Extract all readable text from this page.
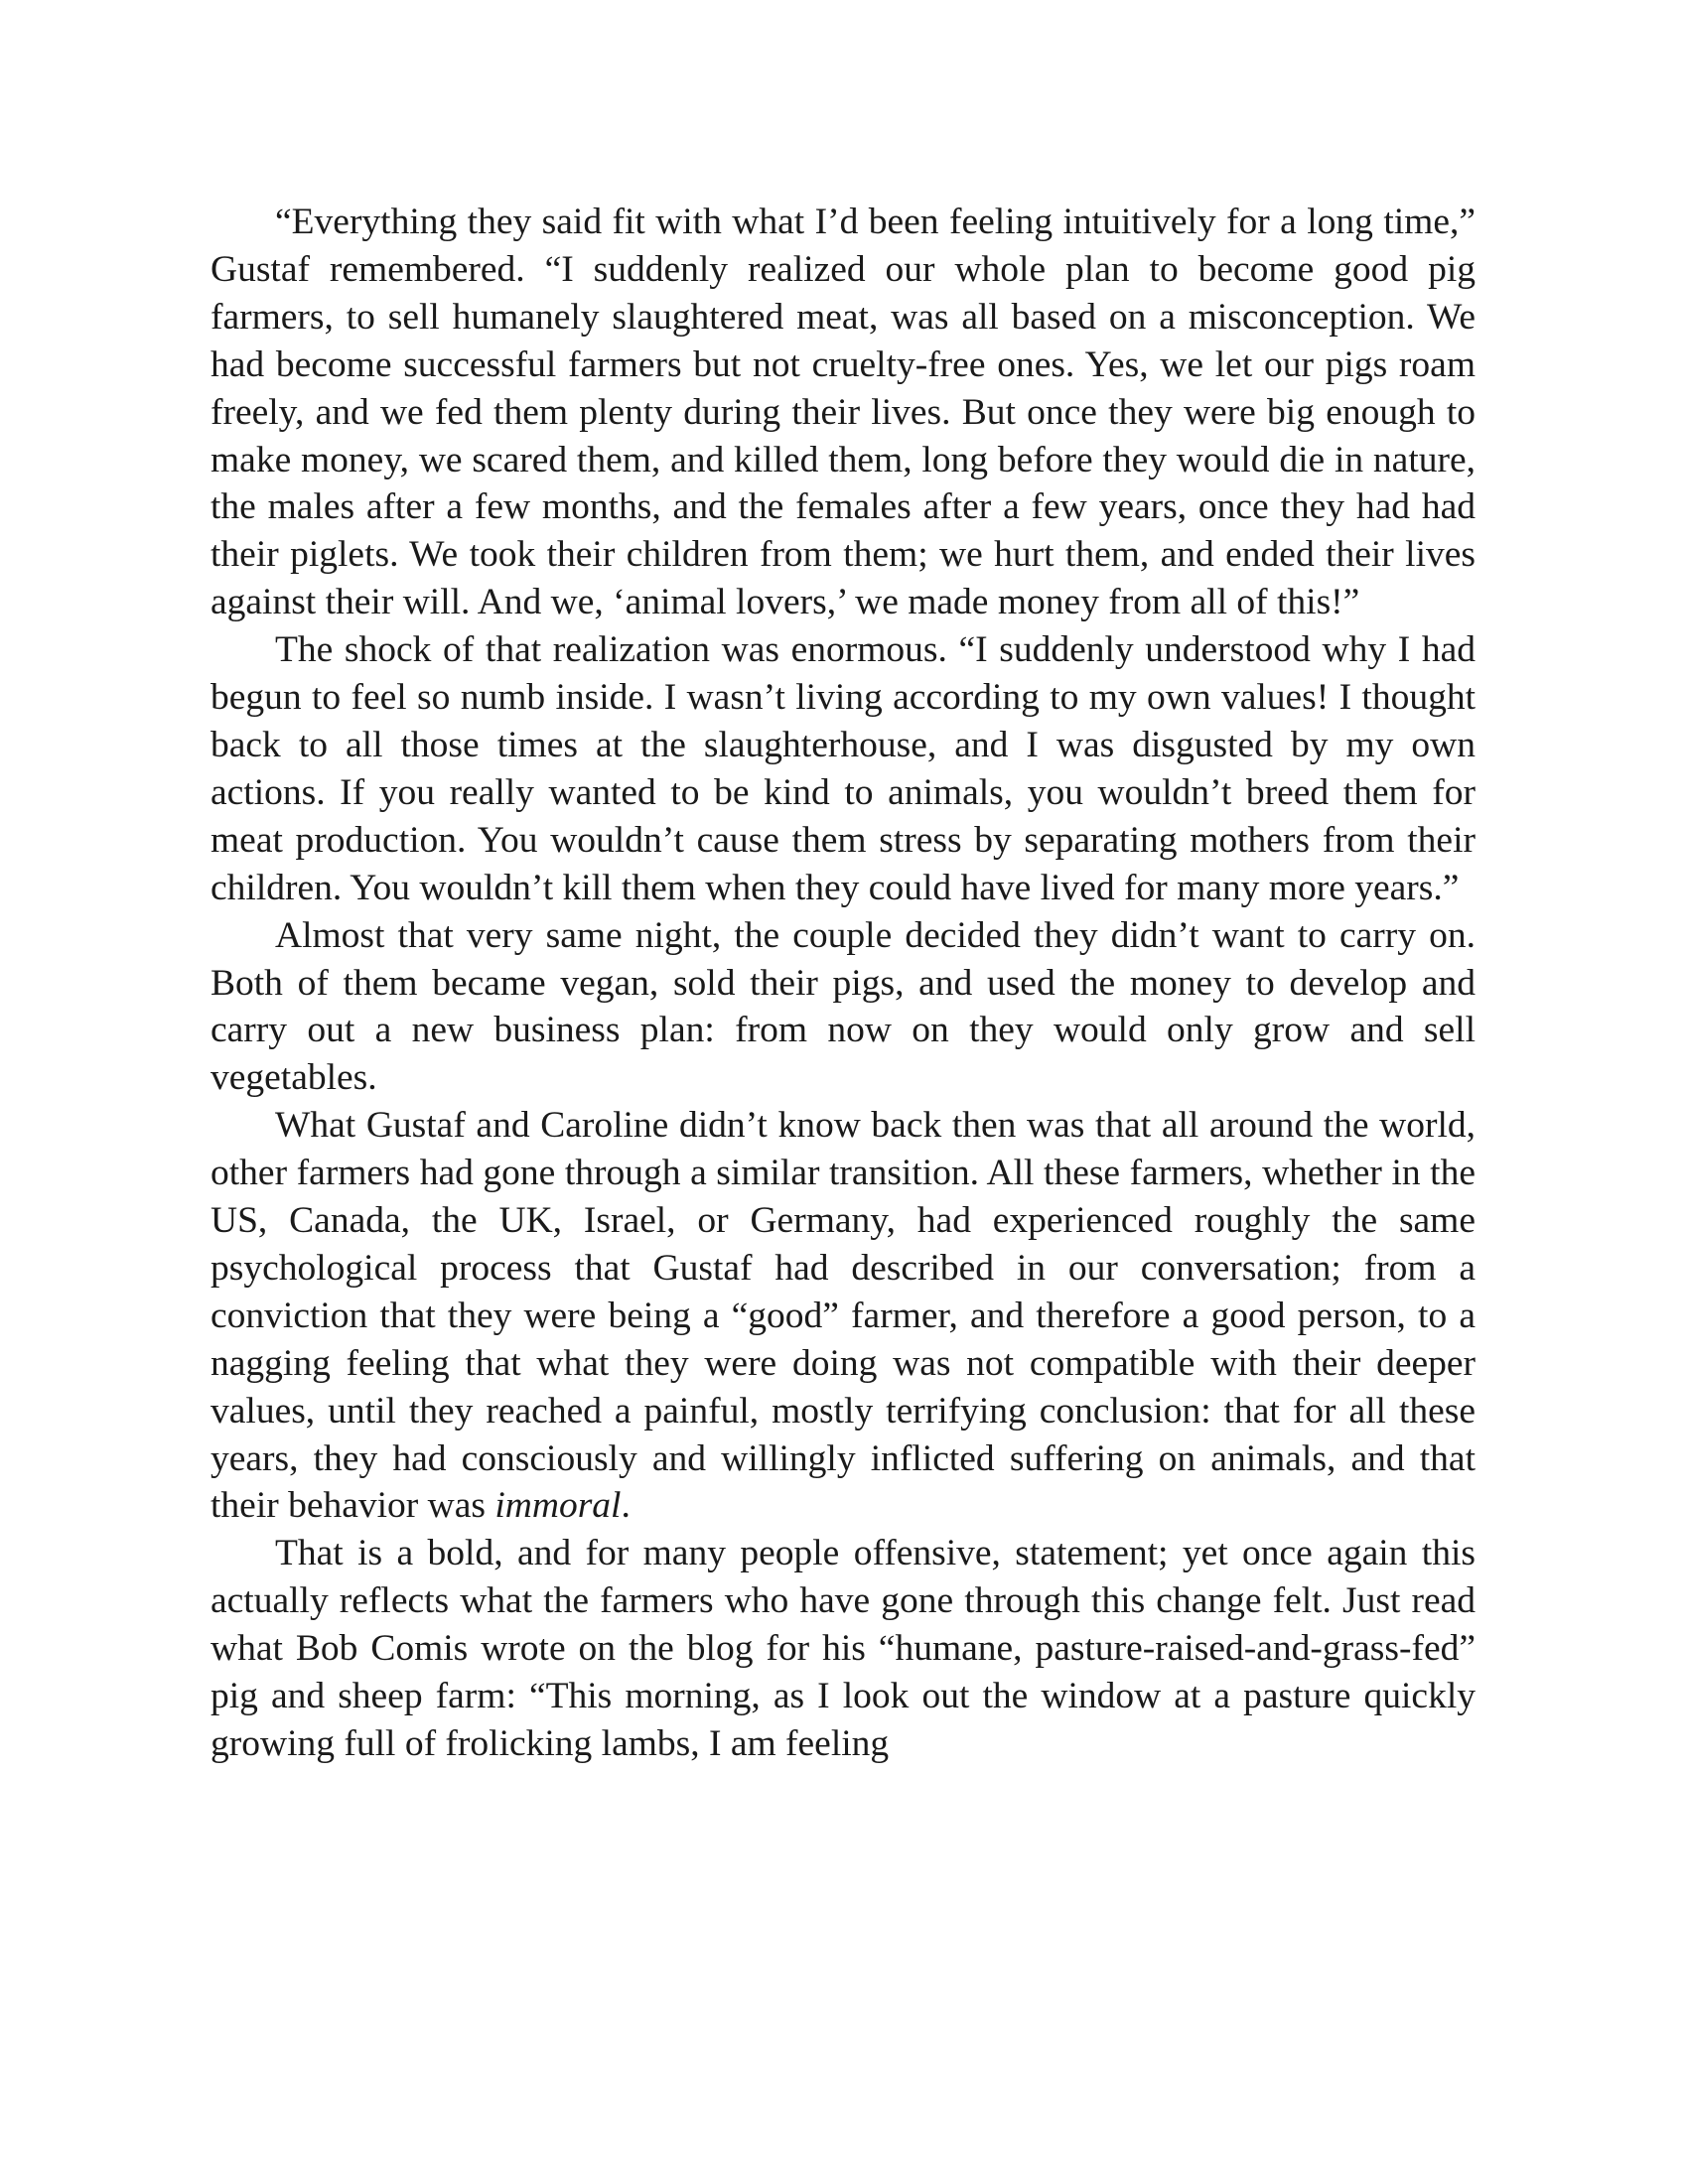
“Everything they said fit with what I’d been feeling intuitively for a long time,” Gustaf remembered. “I suddenly realized our whole plan to become good pig farmers, to sell humanely slaughtered meat, was all based on a misconception. We had become successful farmers but not cruelty-free ones. Yes, we let our pigs roam freely, and we fed them plenty during their lives. But once they were big enough to make money, we scared them, and killed them, long before they would die in nature, the males after a few months, and the females after a few years, once they had had their piglets. We took their children from them; we hurt them, and ended their lives against their will. And we, ‘animal lovers,’ we made money from all of this!”

The shock of that realization was enormous. “I suddenly understood why I had begun to feel so numb inside. I wasn’t living according to my own values! I thought back to all those times at the slaughterhouse, and I was disgusted by my own actions. If you really wanted to be kind to animals, you wouldn’t breed them for meat production. You wouldn’t cause them stress by separating mothers from their children. You wouldn’t kill them when they could have lived for many more years.”

Almost that very same night, the couple decided they didn’t want to carry on. Both of them became vegan, sold their pigs, and used the money to develop and carry out a new business plan: from now on they would only grow and sell vegetables.

What Gustaf and Caroline didn’t know back then was that all around the world, other farmers had gone through a similar transition. All these farmers, whether in the US, Canada, the UK, Israel, or Germany, had experienced roughly the same psychological process that Gustaf had described in our conversation; from a conviction that they were being a “good” farmer, and therefore a good person, to a nagging feeling that what they were doing was not compatible with their deeper values, until they reached a painful, mostly terrifying conclusion: that for all these years, they had consciously and willingly inflicted suffering on animals, and that their behavior was immoral.

That is a bold, and for many people offensive, statement; yet once again this actually reflects what the farmers who have gone through this change felt. Just read what Bob Comis wrote on the blog for his “humane, pasture-raised-and-grass-fed” pig and sheep farm: “This morning, as I look out the window at a pasture quickly growing full of frolicking lambs, I am feeling
